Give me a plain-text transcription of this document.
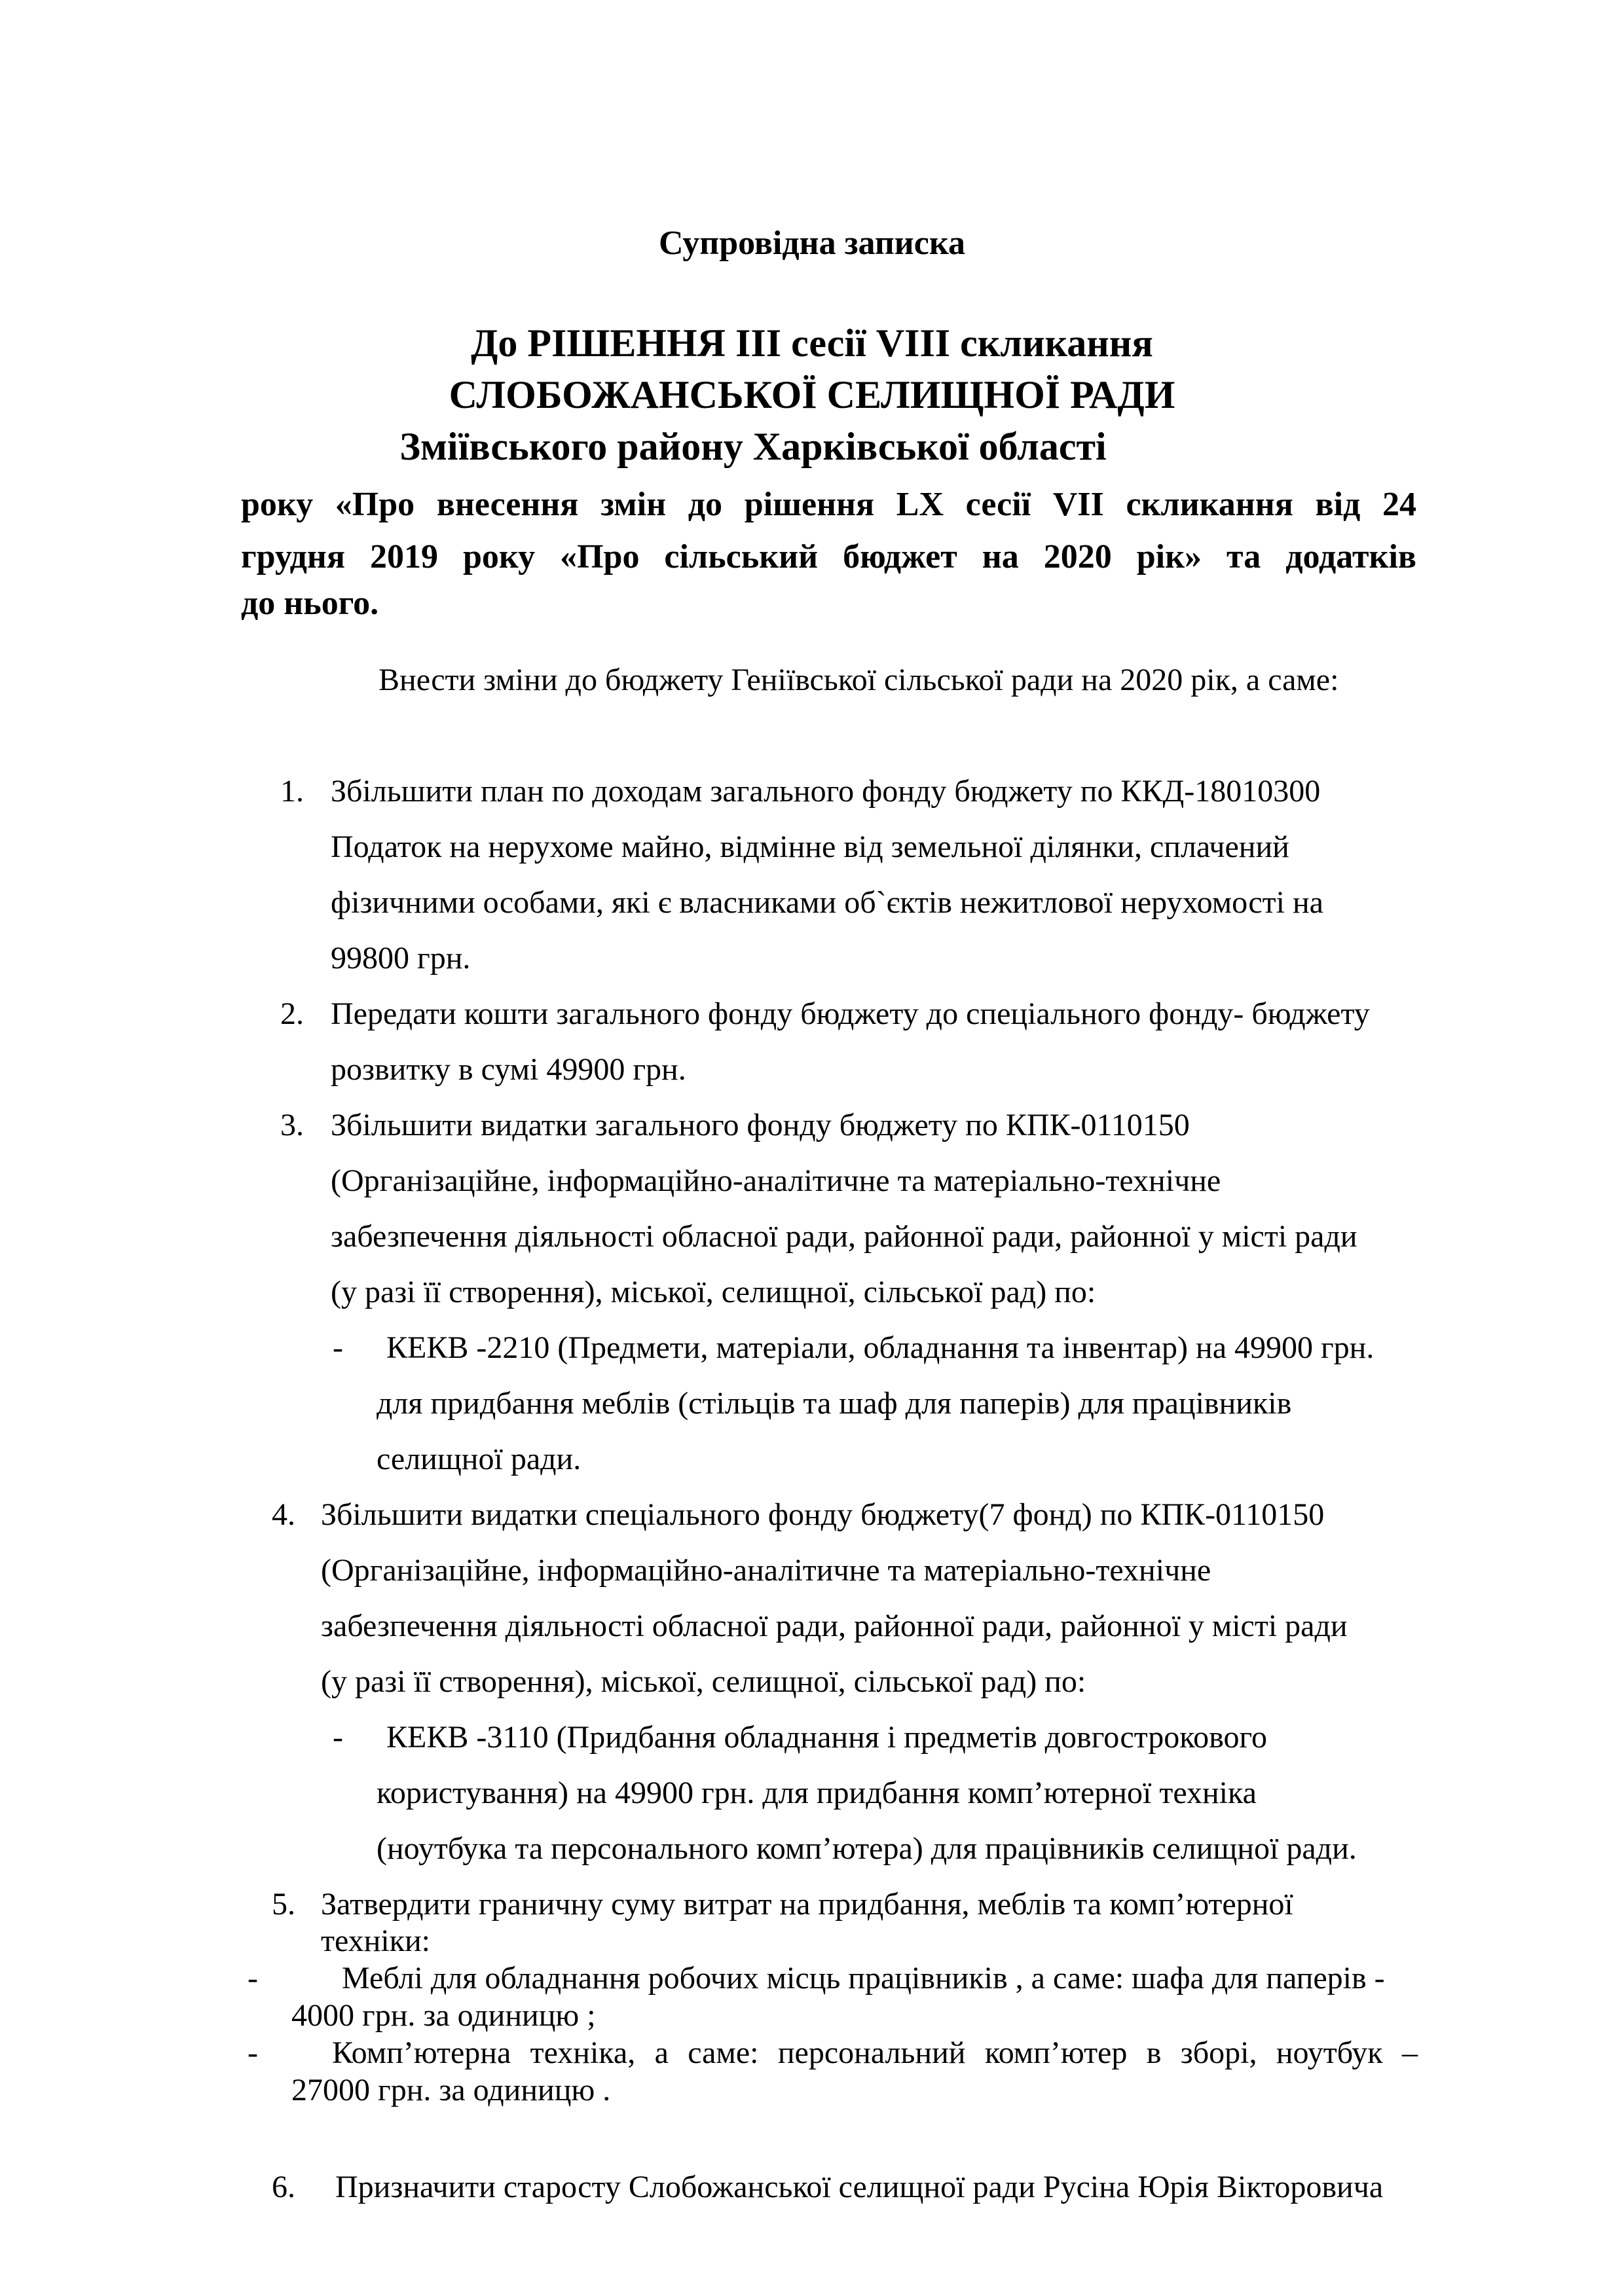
Супровідна записка
До РІШЕННЯ ІІІ сесії VIII скликання
СЛОБОЖАНСЬКОЇ СЕЛИЩНОЇ РАДИ
Зміївського району Харківської області
року «Про внесення змін до рішення LX сесії VII скликання від 24
грудня 2019 року «Про сільський бюджет на 2020 рік» та додатків
до нього.
Внести зміни до бюджету Геніївської сільської ради на 2020 рік, а саме:
1. Збільшити план по доходам загального фонду бюджету по ККД-18010300
Податок на нерухоме майно, відмінне від земельної ділянки, сплачений
фізичними особами, які є власниками об`єктів нежитлової нерухомості на
99800 грн.
2. Передати кошти загального фонду бюджету до спеціального фонду- бюджету
розвитку в сумі 49900 грн.
3. Збільшити видатки загального фонду бюджету по КПК-0110150
(Організаційне, інформаційно-аналітичне та матеріально-технічне
забезпечення діяльності обласної ради, районної ради, районної у місті ради
(у разі її створення), міської, селищної, сільської рад) по:
- КЕКВ -2210 (Предмети, матеріали, обладнання та інвентар) на 49900 грн.
для придбання меблів (стільців та шаф для паперів) для працівників
селищної ради.
4. Збільшити видатки спеціального фонду бюджету(7 фонд) по КПК-0110150
(Організаційне, інформаційно-аналітичне та матеріально-технічне
забезпечення діяльності обласної ради, районної ради, районної у місті ради
(у разі її створення), міської, селищної, сільської рад) по:
- КЕКВ -3110 (Придбання обладнання і предметів довгострокового
користування) на 49900 грн. для придбання комп’ютерної техніка
(ноутбука та персонального комп’ютера) для працівників селищної ради.
5. Затвердити граничну суму витрат на придбання, меблів та комп’ютерної
техніки:
-	Меблі для обладнання робочих місць працівників , а саме: шафа для паперів -
4000 грн. за одиницю ;
- Комп’ютерна техніка, а саме: персональний комп’ютер в зборі, ноутбук –
27000 грн. за одиницю .
6. Призначити старосту Слобожанської селищної ради Русіна Юрія Вікторовича
